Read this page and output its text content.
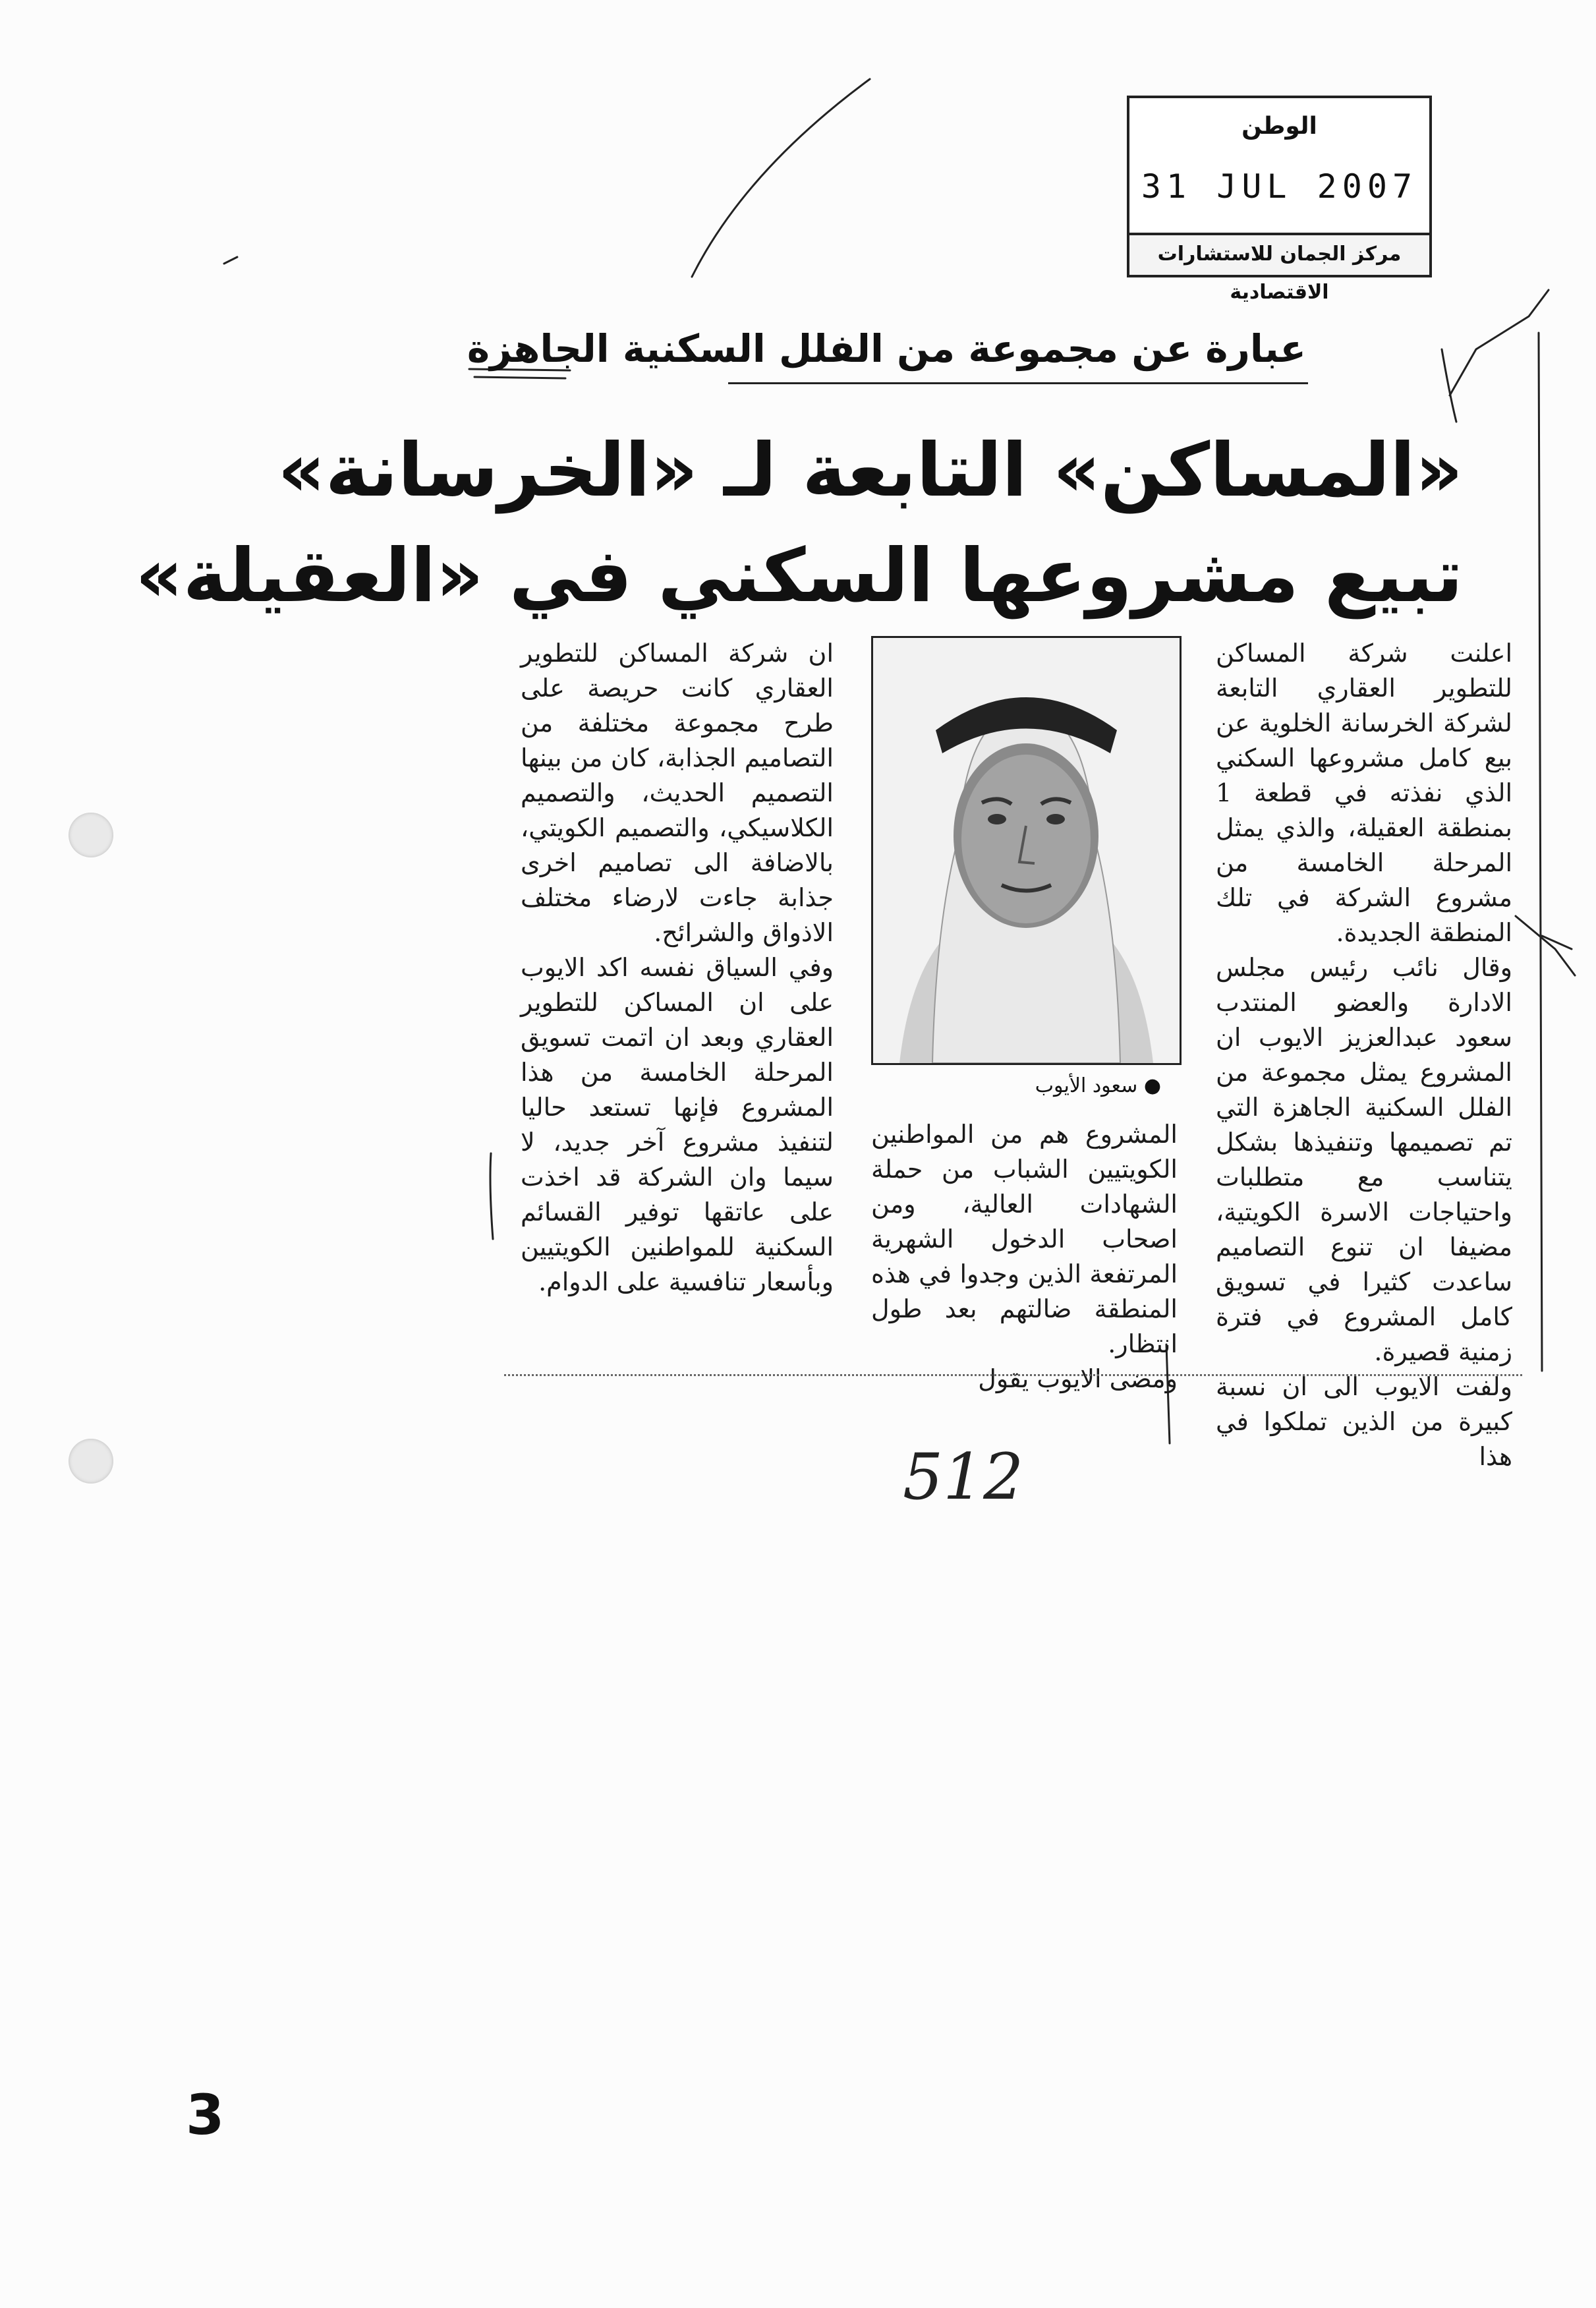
الوطن
31 JUL 2007
مركز الجمان للاستشارات الاقتصادية
عبارة عن مجموعة من الفلل السكنية الجاهزة
«المساكن» التابعة لـ «الخرسانة»
تبيع مشروعها السكني في «العقيلة»

اعلنت شركة المساكن للتطوير العقاري التابعة لشركة الخرسانة الخلوية عن بيع كامل مشروعها السكني الذي نفذته في قطعة 1 بمنطقة العقيلة، والذي يمثل المرحلة الخامسة من مشروع الشركة في تلك المنطقة الجديدة.

وقال نائب رئيس مجلس الادارة والعضو المنتدب سعود عبدالعزيز الايوب ان المشروع يمثل مجموعة من الفلل السكنية الجاهزة التي تم تصميمها وتنفيذها بشكل يتناسب مع متطلبات واحتياجات الاسرة الكويتية، مضيفا ان تنوع التصاميم ساعدت كثيرا في تسويق كامل المشروع في فترة زمنية قصيرة.

ولفت الايوب الى ان نسبة كبيرة من الذين تملكوا في هذا

● سعود الأيوب

المشروع هم من المواطنين الكويتيين الشباب من حملة الشهادات العالية، ومن اصحاب الدخول الشهرية المرتفعة الذين وجدوا في هذه المنطقة ضالتهم بعد طول انتظار.

ومضى الايوب يقول

ان شركة المساكن للتطوير العقاري كانت حريصة على طرح مجموعة مختلفة من التصاميم الجذابة، كان من بينها التصميم الحديث، والتصميم الكلاسيكي، والتصميم الكويتي، بالاضافة الى تصاميم اخرى جذابة جاءت لارضاء مختلف الاذواق والشرائح.

وفي السياق نفسه اكد الايوب على ان المساكن للتطوير العقاري وبعد ان اتمت تسويق المرحلة الخامسة من هذا المشروع فإنها تستعد حاليا لتنفيذ مشروع آخر جديد، لا سيما وان الشركة قد اخذت على عاتقها توفير القسائم السكنية للمواطنين الكويتيين وبأسعار تنافسية على الدوام.

512
3
